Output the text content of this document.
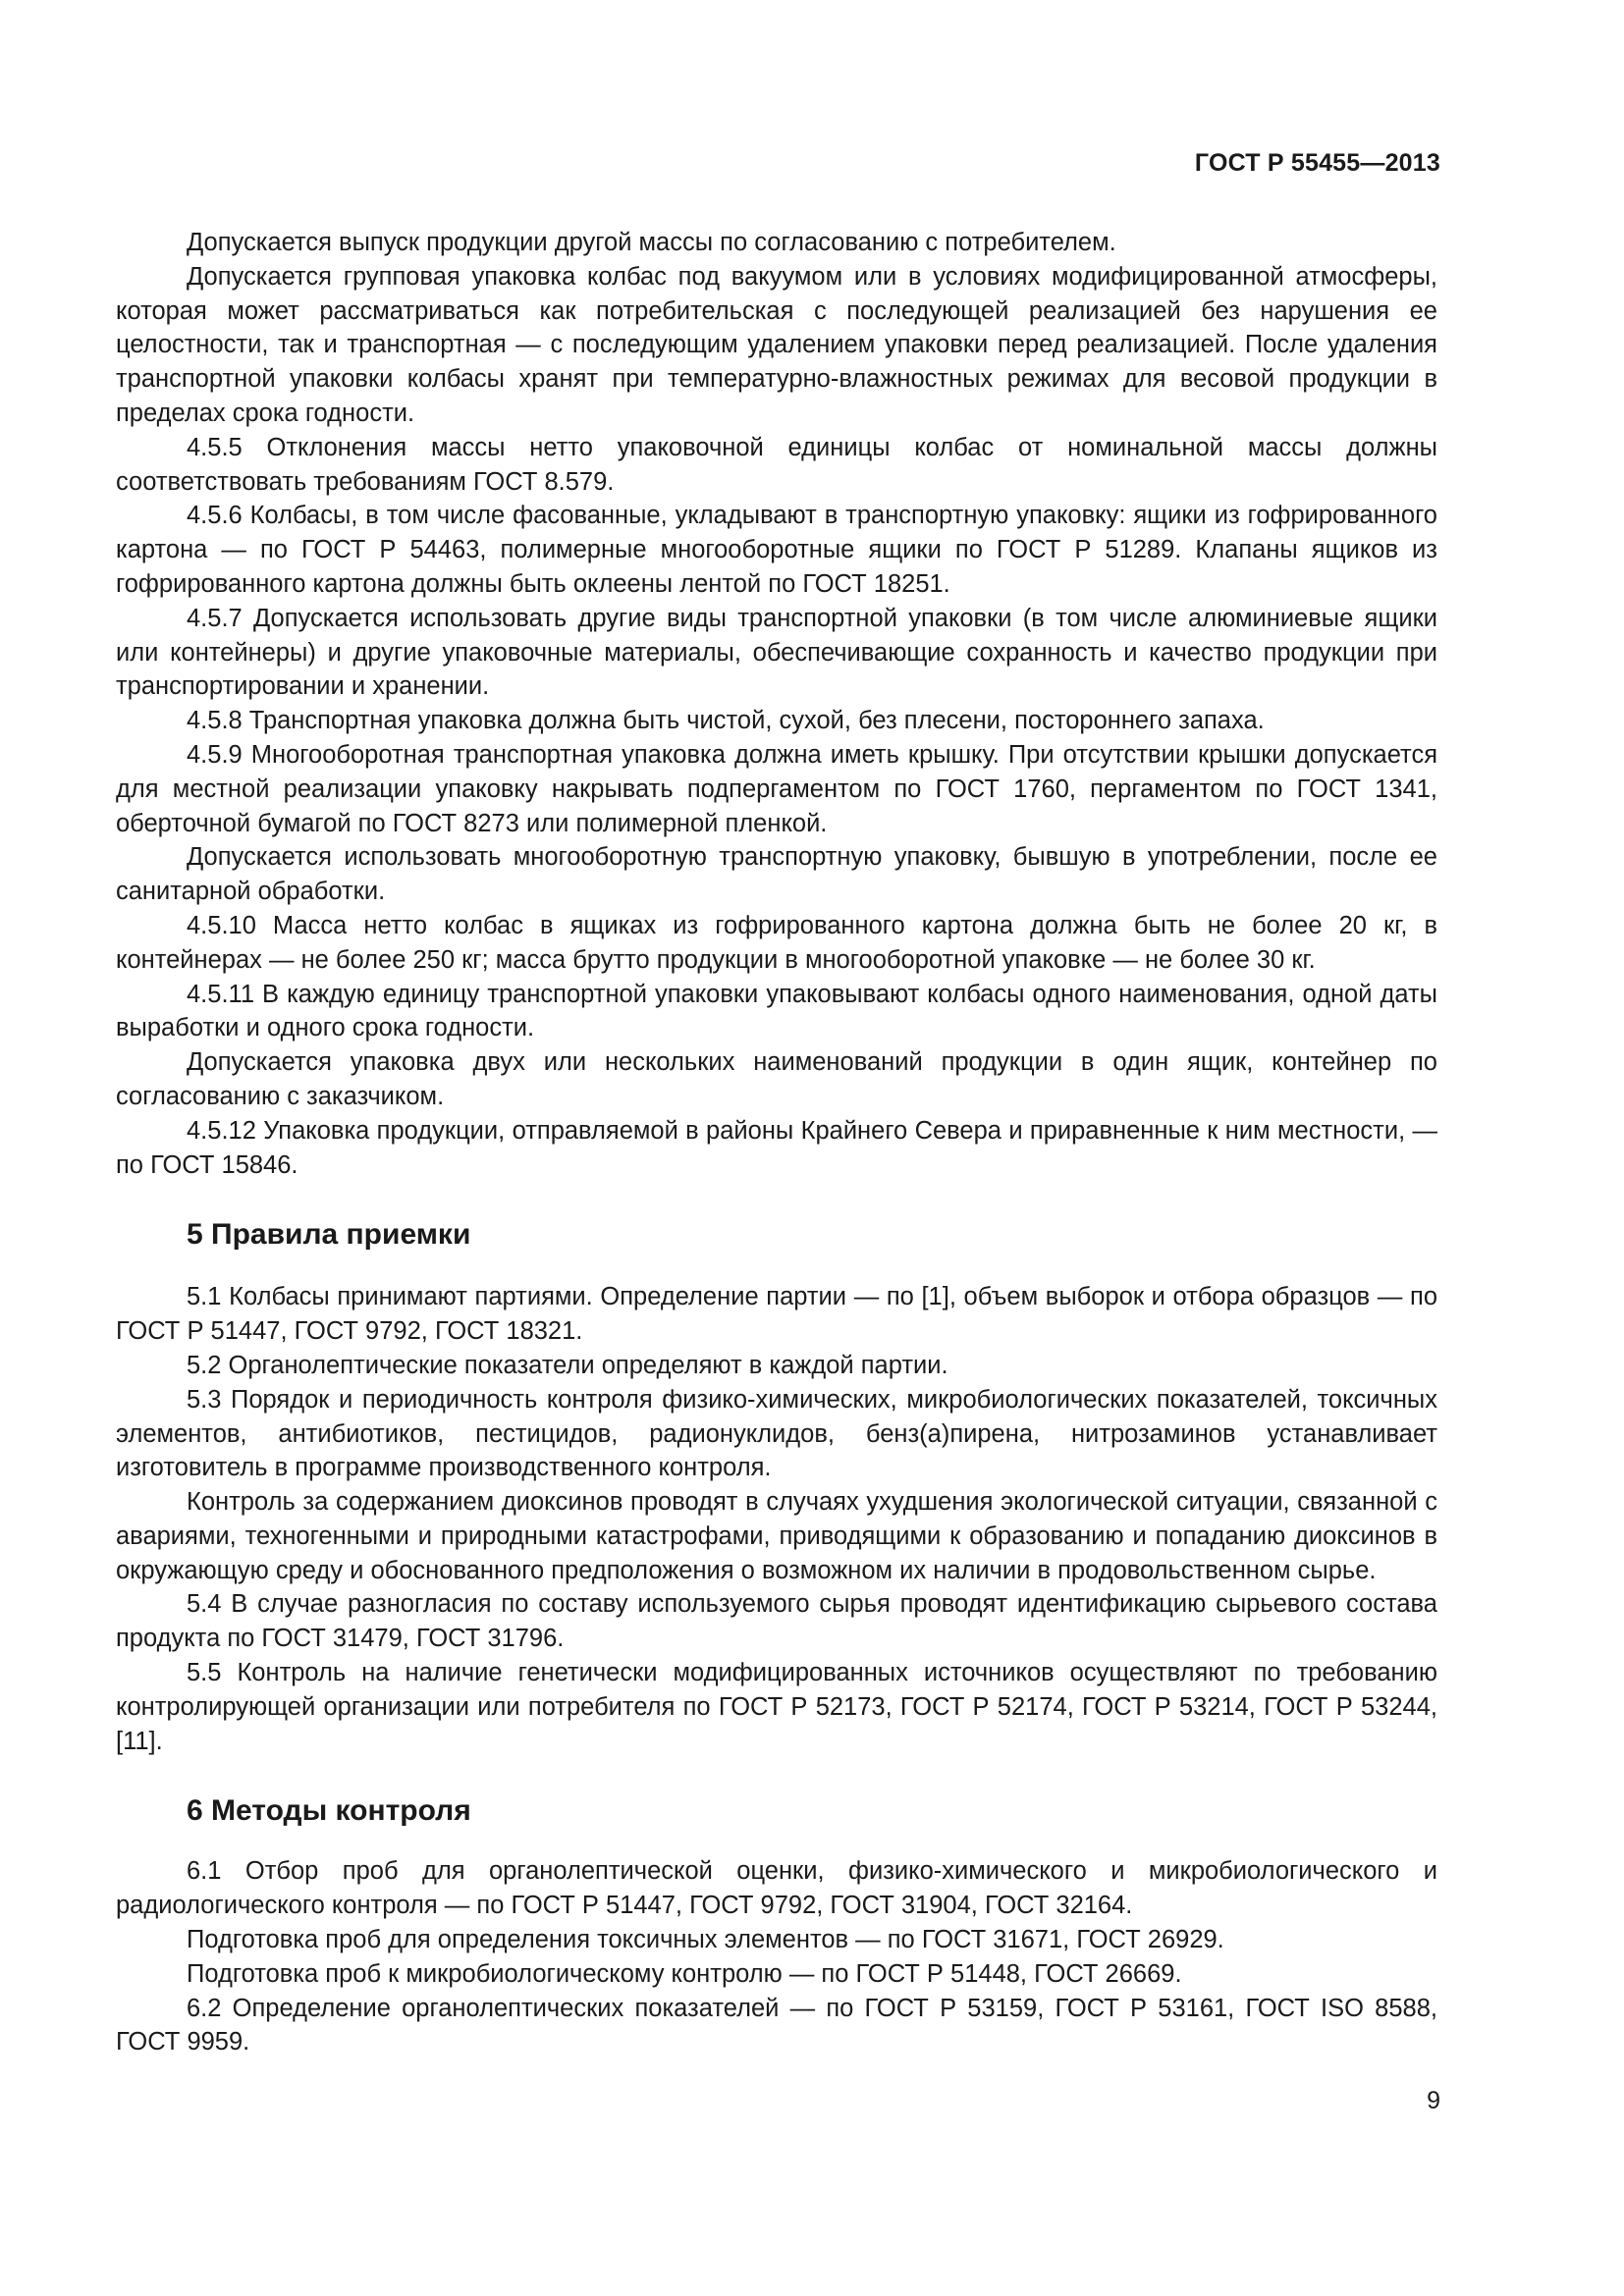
ГОСТ Р 55455—2013

Допускается выпуск продукции другой массы по согласованию с потребителем.

Допускается групповая упаковка колбас под вакуумом или в условиях модифицированной атмосферы, которая может рассматриваться как потребительская с последующей реализацией без нарушения ее целостности, так и транспортная — с последующим удалением упаковки перед реализацией. После удаления транспортной упаковки колбасы хранят при температурно-влажностных режимах для весовой продукции в пределах срока годности.

4.5.5 Отклонения массы нетто упаковочной единицы колбас от номинальной массы должны соответствовать требованиям ГОСТ 8.579.

4.5.6 Колбасы, в том числе фасованные, укладывают в транспортную упаковку: ящики из гофрированного картона — по ГОСТ Р 54463, полимерные многооборотные ящики по ГОСТ Р 51289. Клапаны ящиков из гофрированного картона должны быть оклеены лентой по ГОСТ 18251.

4.5.7 Допускается использовать другие виды транспортной упаковки (в том числе алюминиевые ящики или контейнеры) и другие упаковочные материалы, обеспечивающие сохранность и качество продукции при транспортировании и хранении.

4.5.8 Транспортная упаковка должна быть чистой, сухой, без плесени, постороннего запаха.

4.5.9 Многооборотная транспортная упаковка должна иметь крышку. При отсутствии крышки допускается для местной реализации упаковку накрывать подпергаментом по ГОСТ 1760, пергаментом по ГОСТ 1341, оберточной бумагой по ГОСТ 8273 или полимерной пленкой.

Допускается использовать многооборотную транспортную упаковку, бывшую в употреблении, после ее санитарной обработки.

4.5.10 Масса нетто колбас в ящиках из гофрированного картона должна быть не более 20 кг, в контейнерах — не более 250 кг; масса брутто продукции в многооборотной упаковке — не более 30 кг.

4.5.11 В каждую единицу транспортной упаковки упаковывают колбасы одного наименования, одной даты выработки и одного срока годности.

Допускается упаковка двух или нескольких наименований продукции в один ящик, контейнер по согласованию с заказчиком.

4.5.12 Упаковка продукции, отправляемой в районы Крайнего Севера и приравненные к ним местности, — по ГОСТ 15846.

5 Правила приемки

5.1 Колбасы принимают партиями. Определение партии — по [1], объем выборок и отбора образцов — по ГОСТ Р 51447, ГОСТ 9792, ГОСТ 18321.

5.2 Органолептические показатели определяют в каждой партии.

5.3 Порядок и периодичность контроля физико-химических, микробиологических показателей, токсичных элементов, антибиотиков, пестицидов, радионуклидов, бенз(а)пирена, нитрозаминов устанавливает изготовитель в программе производственного контроля.

Контроль за содержанием диоксинов проводят в случаях ухудшения экологической ситуации, связанной с авариями, техногенными и природными катастрофами, приводящими к образованию и попаданию диоксинов в окружающую среду и обоснованного предположения о возможном их наличии в продовольственном сырье.

5.4 В случае разногласия по составу используемого сырья проводят идентификацию сырьевого состава продукта по ГОСТ 31479, ГОСТ 31796.

5.5 Контроль на наличие генетически модифицированных источников осуществляют по требованию контролирующей организации или потребителя по ГОСТ Р 52173, ГОСТ Р 52174, ГОСТ Р 53214, ГОСТ Р 53244, [11].

6 Методы контроля

6.1 Отбор проб для органолептической оценки, физико-химического и микробиологического и радиологического контроля — по ГОСТ Р 51447, ГОСТ 9792, ГОСТ 31904, ГОСТ 32164.

Подготовка проб для определения токсичных элементов — по ГОСТ 31671, ГОСТ 26929.

Подготовка проб к микробиологическому контролю — по ГОСТ Р 51448, ГОСТ 26669.

6.2 Определение органолептических показателей — по ГОСТ Р 53159, ГОСТ Р 53161, ГОСТ ISO 8588, ГОСТ 9959.

9
